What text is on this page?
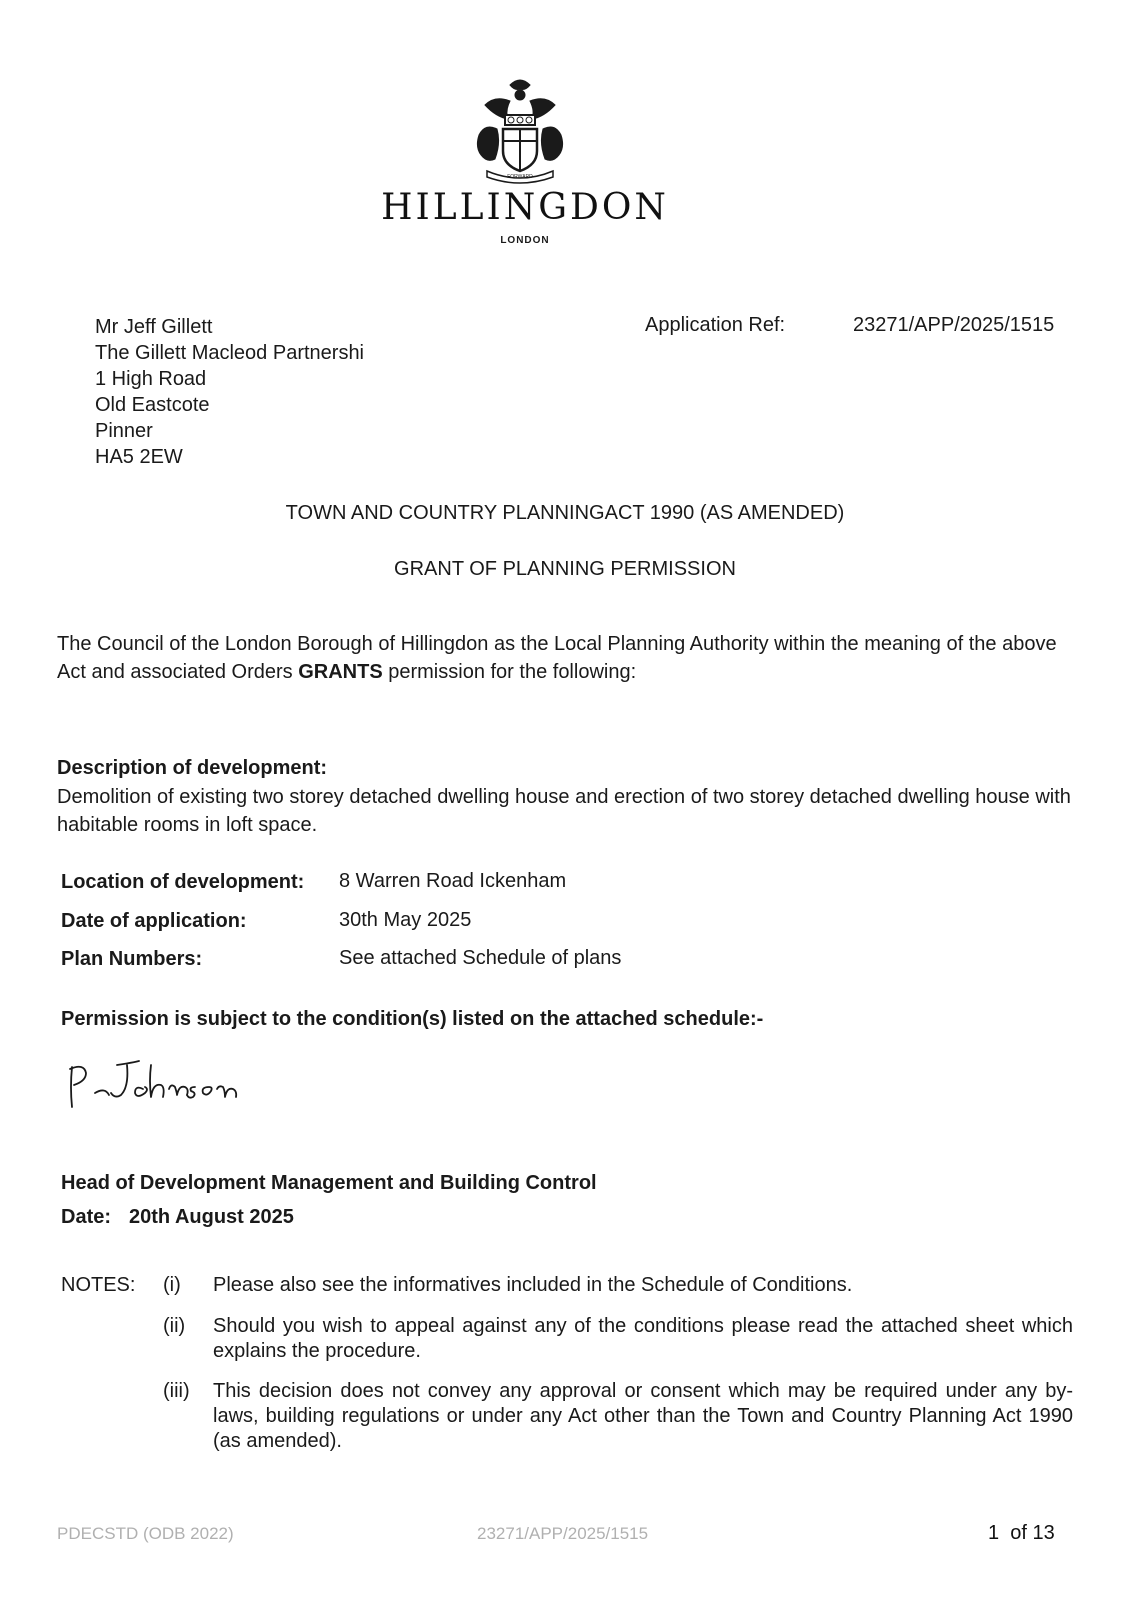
FORWARD
HILLINGDON
LONDON
Mr Jeff Gillett
The Gillett Macleod Partnershi
1 High Road
Old Eastcote
Pinner
HA5 2EW
Application Ref:	23271/APP/2025/1515
TOWN AND COUNTRY PLANNINGACT 1990 (AS AMENDED)
GRANT OF PLANNING PERMISSION
The Council of the London Borough of Hillingdon as the Local Planning Authority within the meaning of the above Act and associated Orders GRANTS permission for the following:
Description of development:
Demolition of existing two storey detached dwelling house and erection of two storey detached dwelling house with habitable rooms in loft space.
Location of development: 8 Warren Road Ickenham
Date of application:	30th May 2025
Plan Numbers:	See attached Schedule of plans
Permission is subject to the condition(s) listed on the attached schedule:-
Head of Development Management and Building Control
Date: 20th August 2025
NOTES: (i) Please also see the informatives included in the Schedule of Conditions.
(ii) Should you wish to appeal against any of the conditions please read the attached sheet which explains the procedure.
(iii) This decision does not convey any approval or consent which may be required under any by-laws, building regulations or under any Act other than the Town and Country Planning Act 1990 (as amended).
PDECSTD (ODB 2022)	23271/APP/2025/1515	1  of 13
